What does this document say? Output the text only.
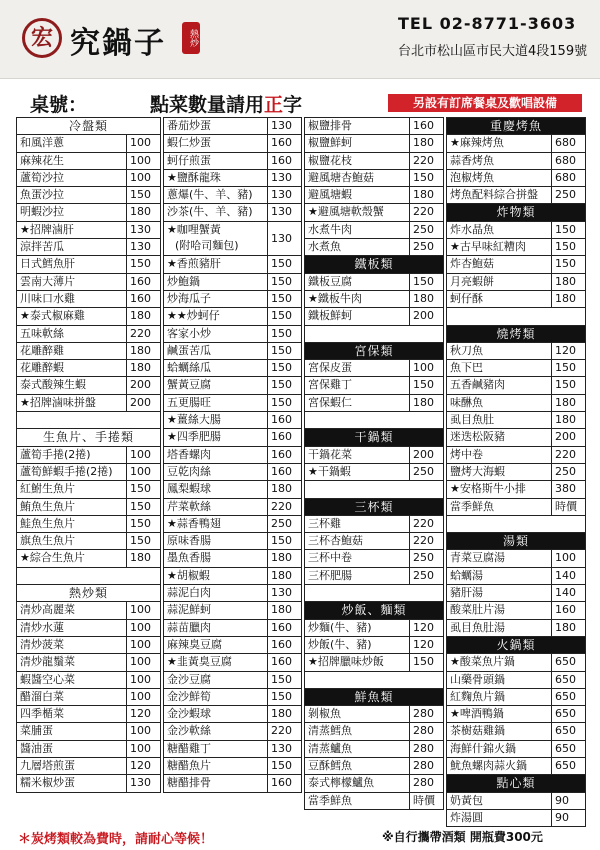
宏 究鍋子	熱炒
TEL 02-8771-3603
台北市松山區市民大道4段159號
桌號：	點菜數量請用正字	另設有訂席餐桌及歡唱設備
冷盤類
和風洋蔥	100
麻辣花生	100
蘆筍沙拉	100
魚蛋沙拉	150
明蝦沙拉	180
★招牌滷肝	130
涼拌苦瓜	130
日式鱈魚肝	150
雲南大薄片	160
川味口水雞	160
★泰式椒麻雞	180
五味軟絲	220
花雕醉雞	180
花雕醉蝦	180
泰式酸辣生蝦	200
★招牌滷味拼盤	200
生魚片、手捲類
蘆筍手捲(2捲)	100
蘆筍鮮蝦手捲(2捲)	100
紅鮒生魚片	150
鮪魚生魚片	150
鮭魚生魚片	150
旗魚生魚片	150
★綜合生魚片	180
熱炒類
清炒高麗菜	100
清炒水蓮	100
清炒菠菜	100
清炒龍鬚菜	100
蝦醬空心菜	100
醋溜白菜	100
四季楯菜	120
菜脯蛋	100
醬油蛋	100
九層塔煎蛋	120
糯米椒炒蛋	130
番茄炒蛋	130
蝦仁炒蛋	160
蚵仔煎蛋	160
★鹽酥龍珠	130
蔥爆(牛、羊、豬)	130
沙茶(牛、羊、豬)	130
★咖哩蟹黃
(附哈司麵包)
130
★香煎豬肝	150
炒鮑鍋	150
炒海瓜子	150
★★炒蚵仔	150
客家小炒	150
鹹蛋苦瓜	150
蛤蠣絲瓜	150
蟹黃豆腐	150
五更腸旺	150
★薑絲大腸	160
★四季肥腸	160
塔香螺肉	160
豆乾肉絲	160
鳳梨蝦球	180
芹菜軟絲	220
★蒜香鴨翅	250
原味香腸	150
墨魚香腸	180
★胡椒蝦	180
蒜泥白肉	130
蒜泥鮮蚵	180
蒜苗臘肉	160
麻辣臭豆腐	160
★韭黃臭豆腐	160
金沙豆腐	150
金沙鮮筍	150
金沙蝦球	180
金沙軟絲	220
糖醋雞丁	130
糖醋魚片	150
糖醋排骨	160
椒鹽排骨	160
椒鹽鮮蚵	180
椒鹽花枝	220
避風塘杏鮑菇	150
避風塘蝦	180
★避風塘軟殼蟹	220
水煮牛肉	250
水煮魚	250
鐵板類
鐵板豆腐	150
★鐵板牛肉	180
鐵板鮮蚵	200
宮保類
宮保皮蛋	100
宮保雞丁	150
宮保蝦仁	180
干鍋類
干鍋花菜	200
★干鍋蝦	250
三杯類
三杯雞	220
三杯杏鮑菇	220
三杯中卷	250
三杯肥腸	250
炒飯、麵類
炒麵(牛、豬)	120
炒飯(牛、豬)	120
★招牌臘味炒飯	150
鮮魚類
剝椒魚	280
清蒸鱈魚	280
清蒸鱸魚	280
豆酥鱈魚	280
泰式檸檬鱸魚	280
當季鮮魚	時價
重慶烤魚
★麻辣烤魚	680
蒜香烤魚	680
泡椒烤魚	680
烤魚配料綜合拼盤	250
炸物類
炸水晶魚	150
★古早味紅糟肉	150
炸杏鮑菇	150
月亮蝦餅	180
蚵仔酥	180
燒烤類
秋刀魚	120
魚下巴	150
五香鹹豬肉	150
味醂魚	180
虱目魚肚	180
迷迭松阪豬	200
烤中卷	220
鹽烤大海蝦	250
★安格斯牛小排	380
當季鮮魚	時價
湯類
青菜豆腐湯	100
蛤蠣湯	140
豬肝湯	140
酸菜肚片湯	160
虱目魚肚湯	180
火鍋類
★酸菜魚片鍋	650
山藥骨頭鍋	650
紅麴魚片鍋	650
★啤酒鴨鍋	650
茶樹菇雞鍋	650
海鮮什錦火鍋	650
魷魚螺肉蒜火鍋	650
點心類
奶黃包	90
炸湯圓	90
＊炭烤類較為費時，請耐心等候！	※自行攜帶酒類 開瓶費300元
